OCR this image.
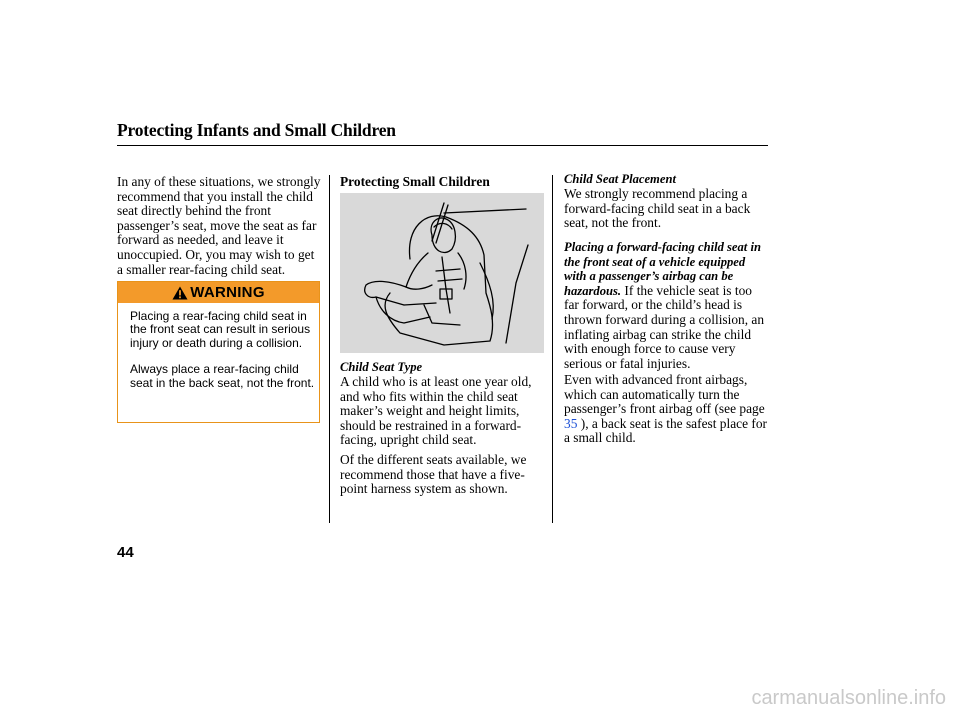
Protecting Infants and Small Children

In any of these situations, we strongly recommend that you install the child seat directly behind the front passenger’s seat, move the seat as far forward as needed, and leave it unoccupied. Or, you may wish to get a smaller rear-facing child seat.

WARNING

Placing a rear-facing child seat in the front seat can result in serious injury or death during a collision.

Always place a rear-facing child seat in the back seat, not the front.

Protecting Small Children
Child Seat Type

A child who is at least one year old, and who fits within the child seat maker’s weight and height limits, should be restrained in a forward-facing, upright child seat.

Of the different seats available, we recommend those that have a five-point harness system as shown.

Child Seat Placement

We strongly recommend placing a forward-facing child seat in a back seat, not the front.

Placing a forward-facing child seat in the front seat of a vehicle equipped with a passenger’s airbag can be hazardous. If the vehicle seat is too far forward, or the child’s head is thrown forward during a collision, an inflating airbag can strike the child with enough force to cause very serious or fatal injuries.

Even with advanced front airbags, which can automatically turn the passenger’s front airbag off (see page 35 ), a back seat is the safest place for a small child.

44
carmanualsonline.info
